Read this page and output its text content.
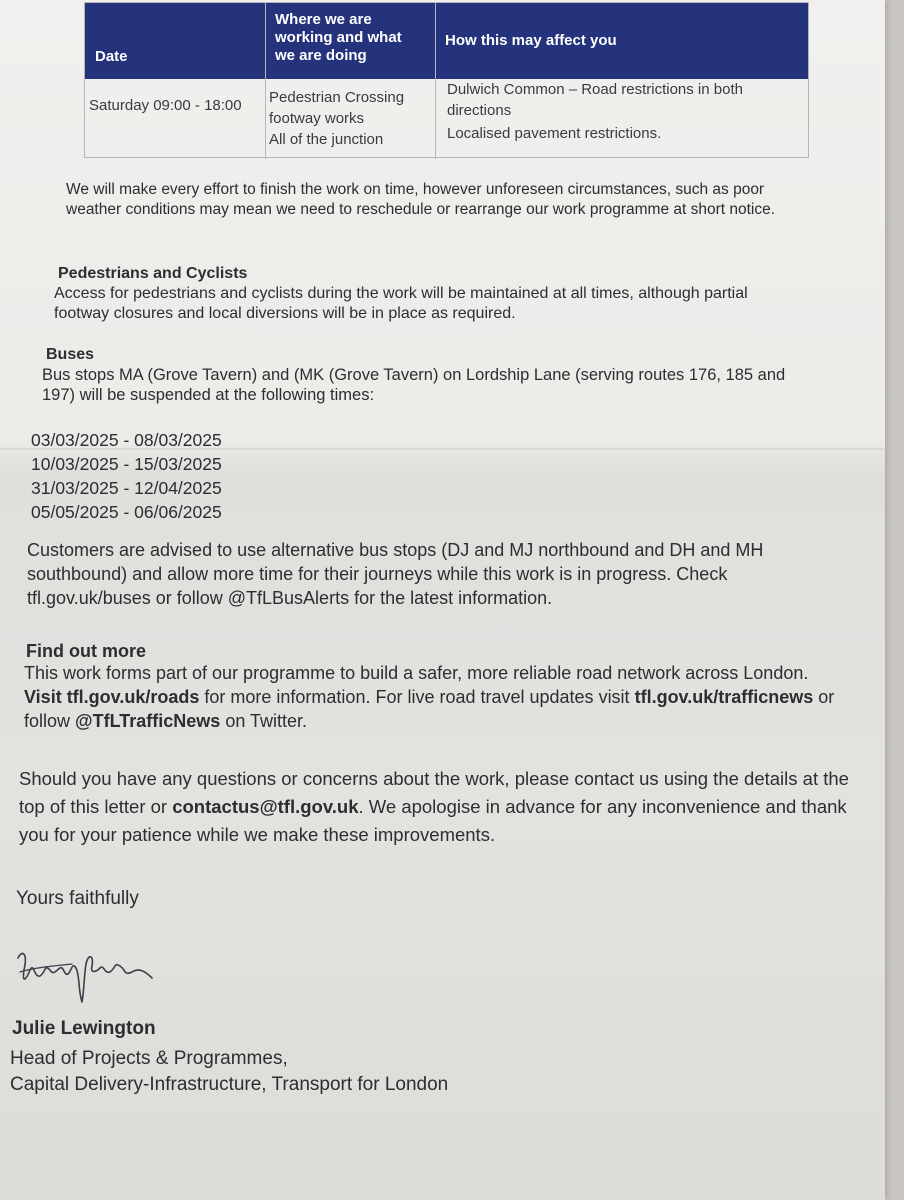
Date
Where we are working and what we are doing
How this may affect you
Saturday 09:00 - 18:00	Pedestrian Crossing footway works

All of the junction

Dulwich Common – Road restrictions in both directions

Localised pavement restrictions.

We will make every effort to finish the work on time, however unforeseen circumstances, such as poor weather conditions may mean we need to reschedule or rearrange our work programme at short notice.

Pedestrians and Cyclists

Access for pedestrians and cyclists during the work will be maintained at all times, although partial footway closures and local diversions will be in place as required.

Buses

Bus stops MA (Grove Tavern) and (MK (Grove Tavern) on Lordship Lane (serving routes 176, 185 and 197) will be suspended at the following times:

03/03/2025 - 08/03/2025
10/03/2025 - 15/03/2025
31/03/2025 - 12/04/2025
05/05/2025 - 06/06/2025

Customers are advised to use alternative bus stops (DJ and MJ northbound and DH and MH southbound) and allow more time for their journeys while this work is in progress. Check tfl.gov.uk/buses or follow @TfLBusAlerts for the latest information.

Find out more

This work forms part of our programme to build a safer, more reliable road network across London. Visit tfl.gov.uk/roads for more information. For live road travel updates visit tfl.gov.uk/trafficnews or follow @TfLTrafficNews on Twitter.

Should you have any questions or concerns about the work, please contact us using the details at the top of this letter or contactus@tfl.gov.uk. We apologise in advance for any inconvenience and thank you for your patience while we make these improvements.

Yours faithfully
Julie Lewington
Head of Projects & Programmes,
Capital Delivery-Infrastructure, Transport for London
